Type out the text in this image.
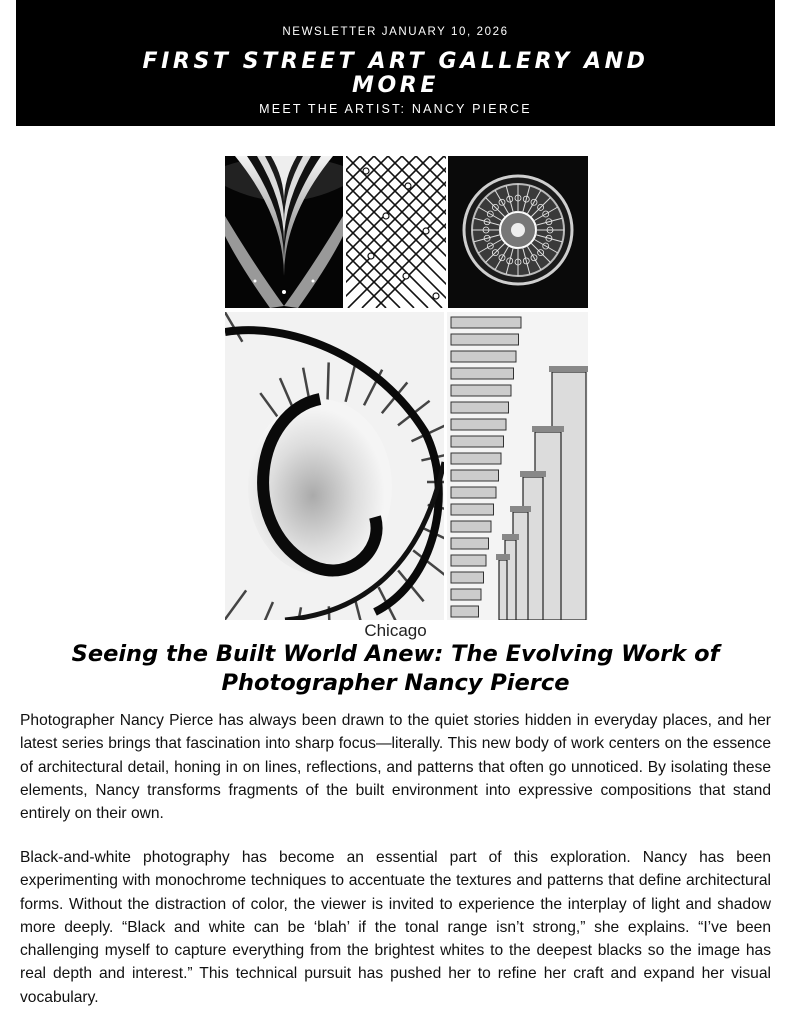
NEWSLETTER JANUARY 10, 2026
FIRST STREET ART GALLERY AND MORE
MEET THE ARTIST: NANCY PIERCE
Chicago
Seeing the Built World Anew: The Evolving Work of Photographer Nancy Pierce

Photographer Nancy Pierce has always been drawn to the quiet stories hidden in everyday places, and her latest series brings that fascination into sharp focus—literally. This new body of work centers on the essence of architectural detail, honing in on lines, reflections, and patterns that often go unnoticed. By isolating these elements, Nancy transforms fragments of the built environment into expressive compositions that stand entirely on their own.

Black-and-white photography has become an essential part of this exploration. Nancy has been experimenting with monochrome techniques to accentuate the textures and patterns that define architectural forms. Without the distraction of color, the viewer is invited to experience the interplay of light and shadow more deeply. “Black and white can be ‘blah’ if the tonal range isn’t strong,” she explains. “I’ve been challenging myself to capture everything from the brightest whites to the deepest blacks so the image has real depth and interest.” This technical pursuit has pushed her to refine her craft and expand her visual vocabulary.
